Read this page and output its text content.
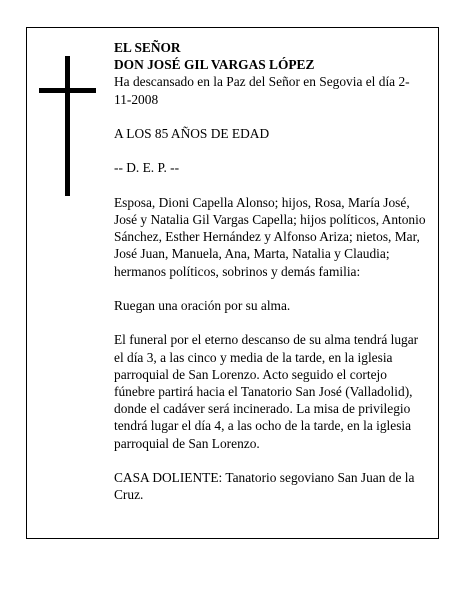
EL SEÑOR

DON JOSÉ GIL VARGAS LÓPEZ

Ha descansado en la Paz del Señor en Segovia el día 2-11-2008

A LOS 85 AÑOS DE EDAD

-- D. E. P. --

Esposa, Dioni Capella Alonso; hijos, Rosa, María José, José y Natalia Gil Vargas Capella; hijos políticos, Antonio Sánchez, Esther Hernández y Alfonso Ariza; nietos, Mar, José Juan, Manuela, Ana, Marta, Natalia y Claudia; hermanos políticos, sobrinos y demás familia:

Ruegan una oración por su alma.

El funeral por el eterno descanso de su alma tendrá lugar el día 3, a las cinco y media de la tarde, en la iglesia parroquial de San Lorenzo. Acto seguido el cortejo fúnebre partirá hacia el Tanatorio San José (Valladolid), donde el cadáver será incinerado. La misa de privilegio tendrá lugar el día 4, a las ocho de la tarde, en la iglesia parroquial de San Lorenzo.

CASA DOLIENTE: Tanatorio segoviano San Juan de la Cruz.
